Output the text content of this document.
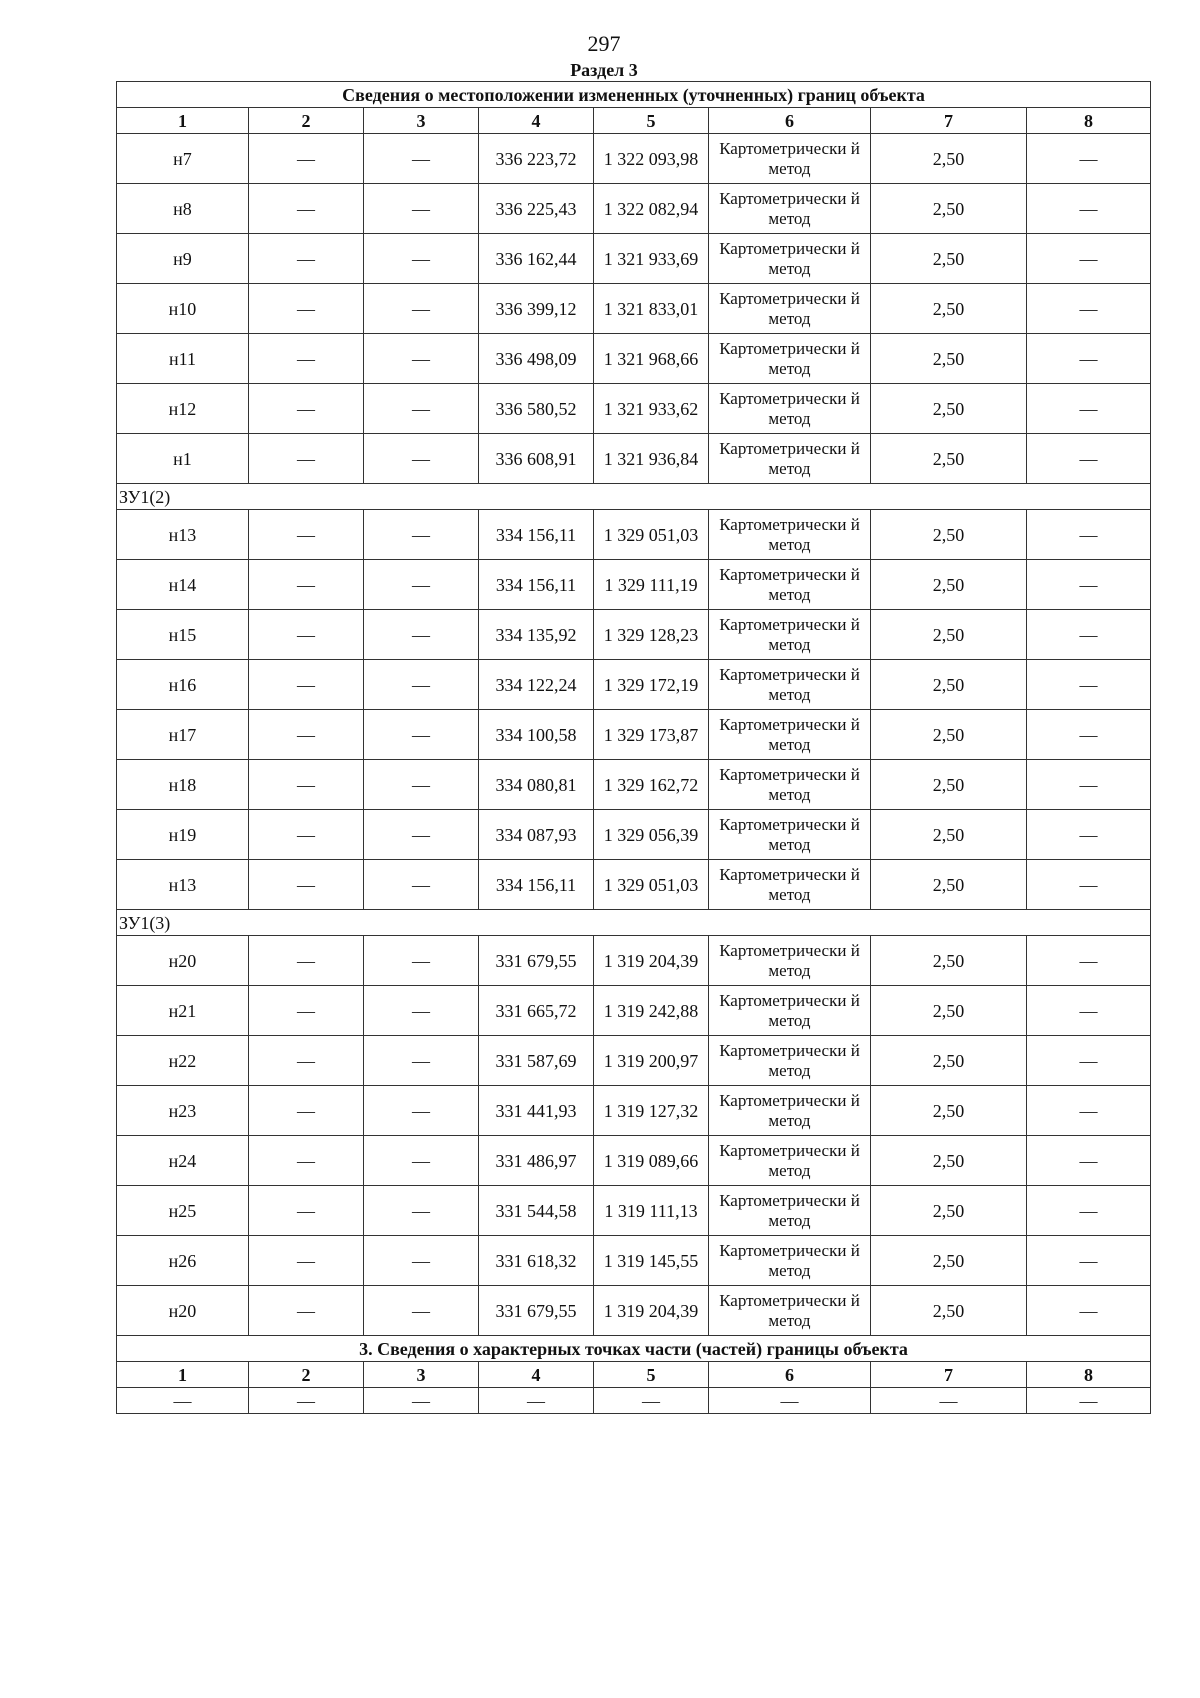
297
Раздел 3
Сведения о местоположении измененных (уточненных) границ объекта							
1	2	3	4	5	6	7	8
н7	—	—	336 223,72	1 322 093,98	Картометрически й метод	2,50	—
н8	—	—	336 225,43	1 322 082,94	Картометрически й метод	2,50	—
н9	—	—	336 162,44	1 321 933,69	Картометрически й метод	2,50	—
н10	—	—	336 399,12	1 321 833,01	Картометрически й метод	2,50	—
н11	—	—	336 498,09	1 321 968,66	Картометрически й метод	2,50	—
н12	—	—	336 580,52	1 321 933,62	Картометрически й метод	2,50	—
н1	—	—	336 608,91	1 321 936,84	Картометрически й метод	2,50	—
ЗУ1(2)							
н13	—	—	334 156,11	1 329 051,03	Картометрически й метод	2,50	—
н14	—	—	334 156,11	1 329 111,19	Картометрически й метод	2,50	—
н15	—	—	334 135,92	1 329 128,23	Картометрически й метод	2,50	—
н16	—	—	334 122,24	1 329 172,19	Картометрически й метод	2,50	—
н17	—	—	334 100,58	1 329 173,87	Картометрически й метод	2,50	—
н18	—	—	334 080,81	1 329 162,72	Картометрически й метод	2,50	—
н19	—	—	334 087,93	1 329 056,39	Картометрически й метод	2,50	—
н13	—	—	334 156,11	1 329 051,03	Картометрически й метод	2,50	—
ЗУ1(3)							
н20	—	—	331 679,55	1 319 204,39	Картометрически й метод	2,50	—
н21	—	—	331 665,72	1 319 242,88	Картометрически й метод	2,50	—
н22	—	—	331 587,69	1 319 200,97	Картометрически й метод	2,50	—
н23	—	—	331 441,93	1 319 127,32	Картометрически й метод	2,50	—
н24	—	—	331 486,97	1 319 089,66	Картометрически й метод	2,50	—
н25	—	—	331 544,58	1 319 111,13	Картометрически й метод	2,50	—
н26	—	—	331 618,32	1 319 145,55	Картометрически й метод	2,50	—
н20	—	—	331 679,55	1 319 204,39	Картометрически й метод	2,50	—
3. Сведения о характерных точках части (частей) границы объекта							
1	2	3	4	5	6	7	8
—	—	—	—	—	—	—	—
